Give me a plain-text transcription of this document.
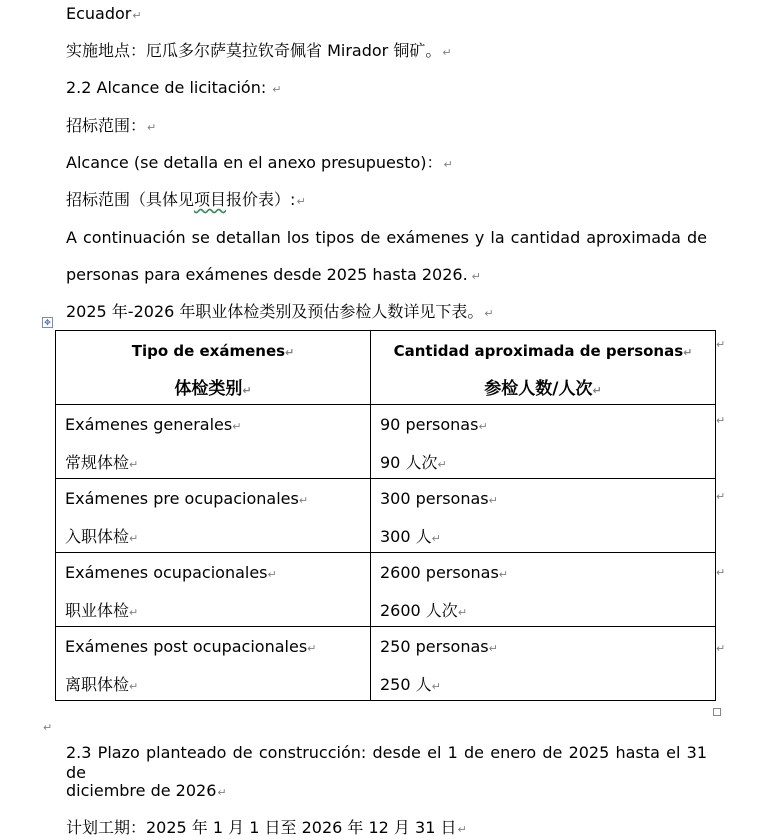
Ecuador↵
实施地点：厄瓜多尔萨莫拉钦奇佩省 Mirador 铜矿。↵
2.2 Alcance de licitación: ↵
招标范围：↵
Alcance (se detalla en el anexo presupuesto)：↵
招标范围（具体见项目报价表）:↵
A continuación se detallan los tipos de exámenes y la cantidad aproximada de
personas para exámenes desde 2025 hasta 2026. ↵
2025 年-2026 年职业体检类别及预估参检人数详见下表。↵
✥
Tipo de exámenes↵
体检类别↵	Cantidad aproximada de personas↵
参检人数/人次↵

Exámenes generales↵
常规体检↵	90 personas↵
90 人次↵

Exámenes pre ocupacionales↵
入职体检↵	300 personas↵
300 人↵

Exámenes ocupacionales↵
职业体检↵	2600 personas↵
2600 人次↵

Exámenes post ocupacionales↵
离职体检↵	250 personas↵
250 人↵
↵
↵
↵
↵
↵
↵
2.3 Plazo planteado de construcción: desde el 1 de enero de 2025 hasta el 31 de
diciembre de 2026↵
计划工期：2025 年 1 月 1 日至 2026 年 12 月 31 日↵
